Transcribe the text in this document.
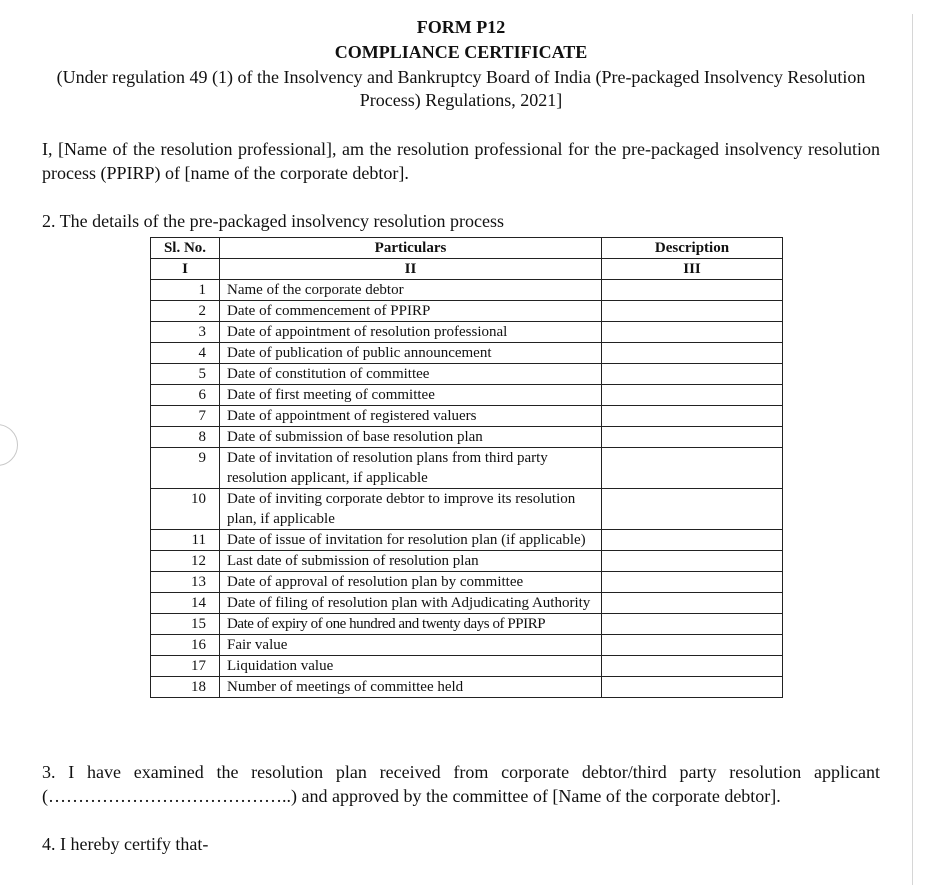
FORM P12
COMPLIANCE CERTIFICATE
(Under regulation 49 (1) of the Insolvency and Bankruptcy Board of India (Pre-packaged Insolvency Resolution Process) Regulations, 2021]
I, [Name of the resolution professional], am the resolution professional for the pre-packaged insolvency resolution process (PPIRP) of [name of the corporate debtor].
2. The details of the pre-packaged insolvency resolution process
Sl. No.	Particulars	Description
I	II	III
1	Name of the corporate debtor	
2	Date of commencement of PPIRP	
3	Date of appointment of resolution professional	
4	Date of publication of public announcement	
5	Date of constitution of committee	
6	Date of first meeting of committee	
7	Date of appointment of registered valuers	
8	Date of submission of base resolution plan	
9	Date of invitation of resolution plans from third party resolution applicant, if applicable	
10	Date of inviting corporate debtor to improve its resolution plan, if applicable	
11	Date of issue of invitation for resolution plan (if applicable)	
12	Last date of submission of resolution plan	
13	Date of approval of resolution plan by committee	
14	Date of filing of resolution plan with Adjudicating Authority	
15	Date of expiry of one hundred and twenty days of PPIRP	
16	Fair value	
17	Liquidation value	
18	Number of meetings of committee held	
3. I have examined the resolution plan received from corporate debtor/third party resolution applicant (…………………………………..) and approved by the committee of [Name of the corporate debtor].
4. I hereby certify that-
